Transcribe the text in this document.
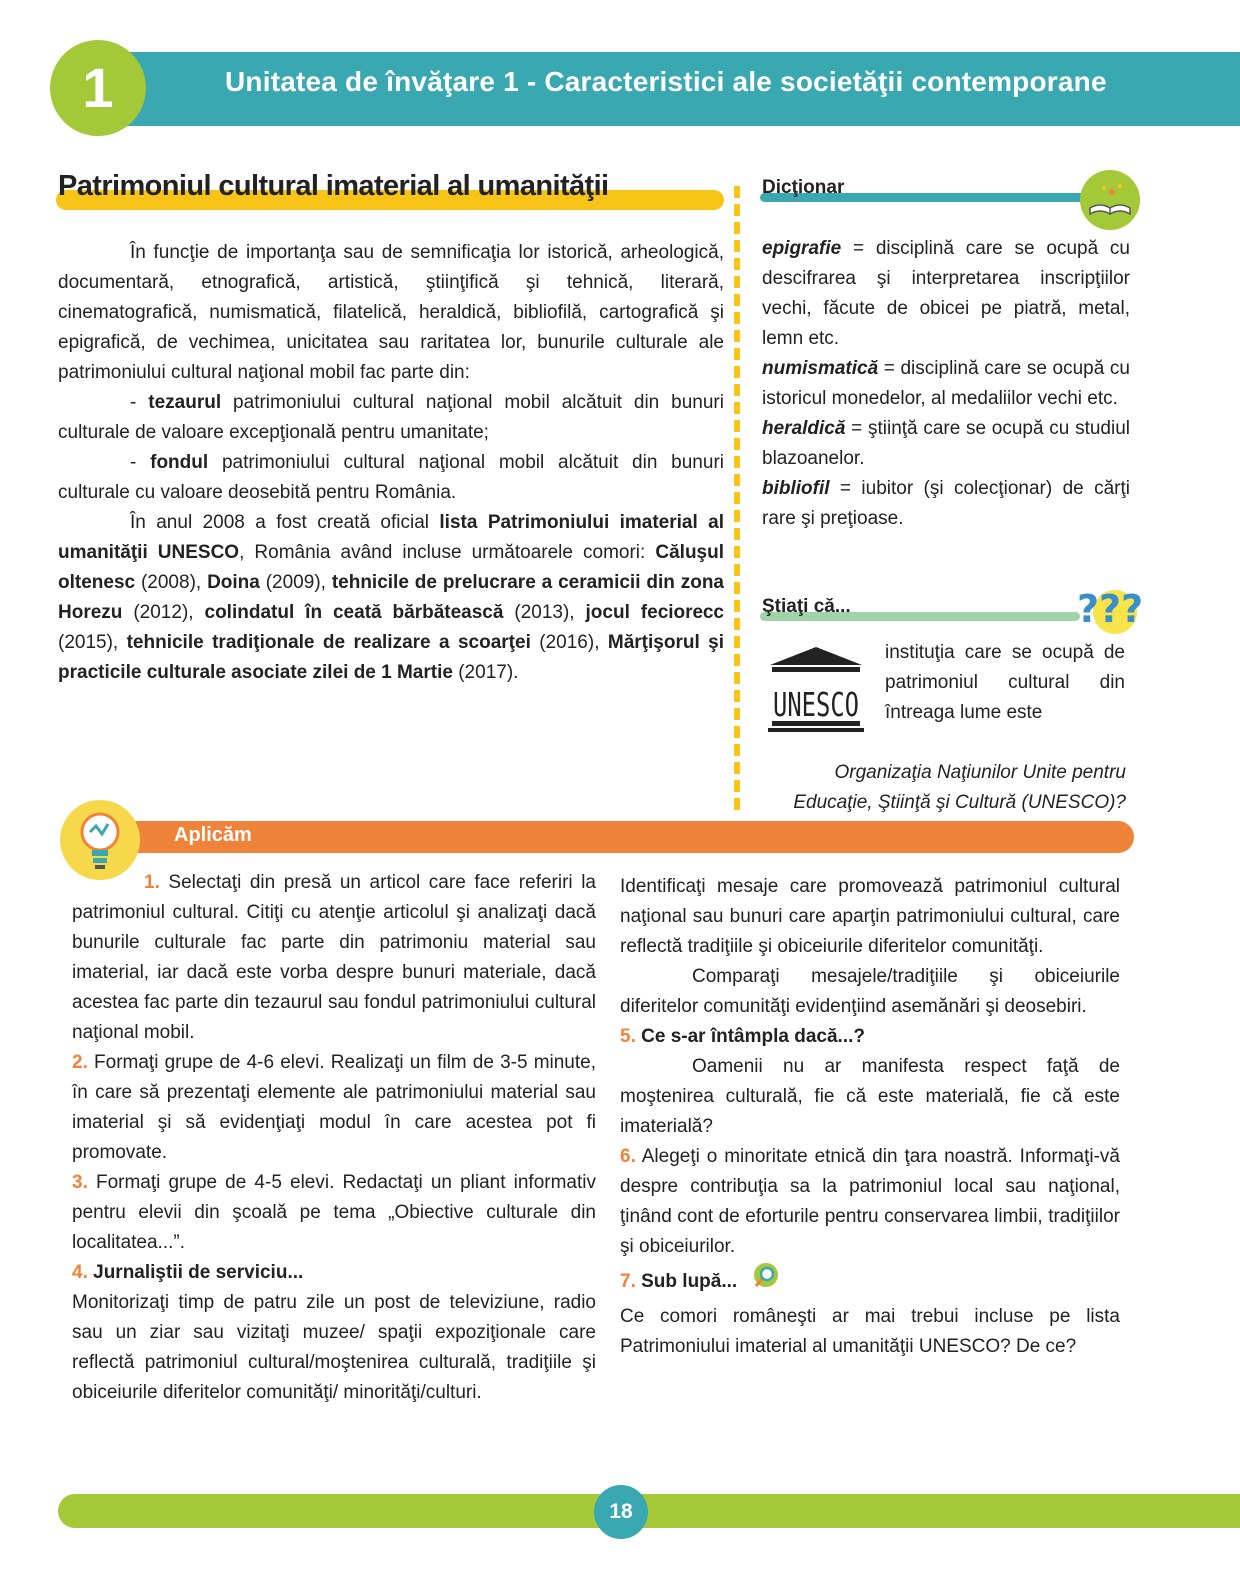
Unitatea de învăţare 1 - Caracteristici ale societăţii contemporane
1
Patrimoniul cultural imaterial al umanităţii
În funcţie de importanţa sau de semnificaţia lor istorică, arheologică, documentară, etnografică, artistică, ştiinţifică şi tehnică, literară, cinematografică, numismatică, filatelică, heraldică, bibliofilă, cartografică şi epigrafică, de vechimea, unicitatea sau raritatea lor, bunurile culturale ale patrimoniului cultural naţional mobil fac parte din:
- tezaurul patrimoniului cultural naţional mobil alcătuit din bunuri culturale de valoare excepţională pentru umanitate;
- fondul patrimoniului cultural naţional mobil alcătuit din bunuri culturale cu valoare deosebită pentru România.
În anul 2008 a fost creată oficial lista Patrimoniului imaterial al umanităţii UNESCO, România având incluse următoarele comori: Căluşul oltenesc (2008), Doina (2009), tehnicile de prelucrare a ceramicii din zona Horezu (2012), colindatul în ceată bărbătească (2013), jocul feciorесc (2015), tehnicile tradiţionale de realizare a scoarţei (2016), Mărţişorul şi practicile culturale asociate zilei de 1 Martie (2017).
Dicţionar
epigrafie = disciplină care se ocupă cu descifrarea şi interpretarea inscripţiilor vechi, făcute de obicei pe piatră, metal, lemn etc.
numismatică = disciplină care se ocupă cu istoricul monedelor, al medaliilor vechi etc.
heraldică = ştiinţă care se ocupă cu studiul blazoanelor.
bibliofil = iubitor (şi colecţionar) de cărţi rare şi preţioase.
Ştiaţi că...	???
UNESCO
instituţia care se ocupă de patrimoniul cultural din întreaga lume este
Organizaţia Naţiunilor Unite pentru Educaţie, Ştiinţă şi Cultură (UNESCO)?
Aplicăm
1. Selectaţi din presă un articol care face referiri la patrimoniul cultural. Citiţi cu atenţie articolul şi analizaţi dacă bunurile culturale fac parte din patrimoniu material sau imaterial, iar dacă este vorba despre bunuri materiale, dacă acestea fac parte din tezaurul sau fondul patrimoniului cultural naţional mobil.
2. Formaţi grupe de 4-6 elevi. Realizaţi un film de 3-5 minute, în care să prezentaţi elemente ale patrimoniului material sau imaterial şi să evidenţiaţi modul în care acestea pot fi promovate.
3. Formaţi grupe de 4-5 elevi. Redactaţi un pliant informativ pentru elevii din şcoală pe tema „Obiective culturale din localitatea...”.
4. Jurnaliştii de serviciu...
Monitorizaţi timp de patru zile un post de televiziune, radio sau un ziar sau vizitaţi muzee/ spaţii expoziţionale care reflectă patrimoniul cultural/moştenirea culturală, tradiţiile şi obiceiurile diferitelor comunităţi/ minorităţi/culturi.
Identificaţi mesaje care promovează patrimoniul cultural naţional sau bunuri care aparţin patrimoniului cultural, care reflectă tradiţiile şi obiceiurile diferitelor comunităţi.
Comparaţi mesajele/tradiţiile şi obiceiurile diferitelor comunităţi evidenţiind asemănări şi deosebiri.
5. Ce s-ar întâmpla dacă...?
Oamenii nu ar manifesta respect faţă de moştenirea culturală, fie că este materială, fie că este imaterială?
6. Alegeţi o minoritate etnică din ţara noastră. Informaţi-vă despre contribuţia sa la patrimoniul local sau naţional, ţinând cont de eforturile pentru conservarea limbii, tradiţiilor şi obiceiurilor.
7. Sub lupă...
Ce comori româneşti ar mai trebui incluse pe lista Patrimoniului imaterial al umanităţii UNESCO? De ce?
18
